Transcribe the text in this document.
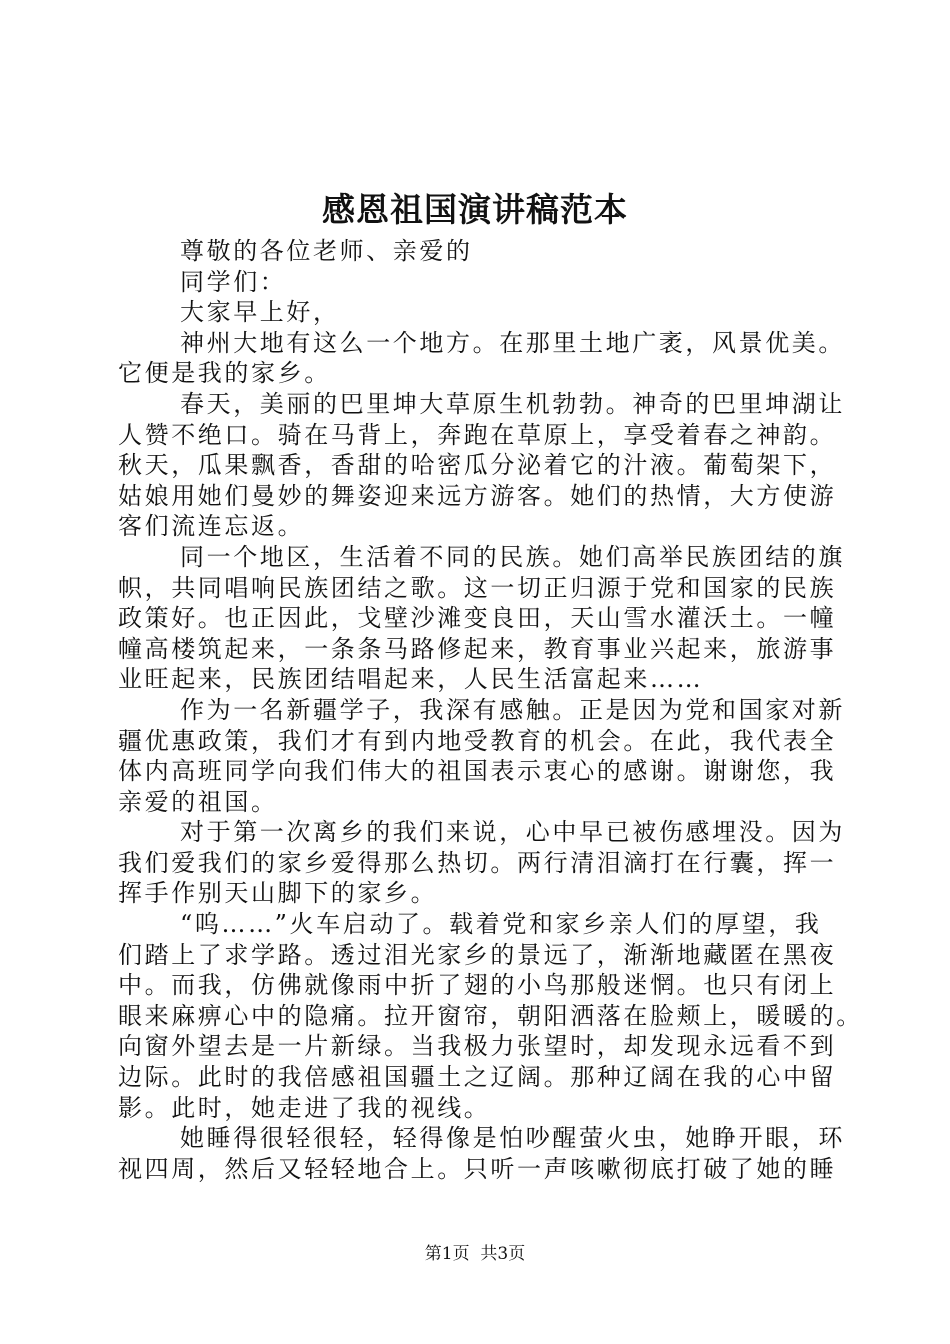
感恩祖国演讲稿范本
尊敬的各位老师、亲爱的
同学们：
大家早上好，
神州大地有这么一个地方。在那里土地广袤，风景优美。
它便是我的家乡。
春天，美丽的巴里坤大草原生机勃勃。神奇的巴里坤湖让
人赞不绝口。骑在马背上，奔跑在草原上，享受着春之神韵。
秋天，瓜果飘香，香甜的哈密瓜分泌着它的汁液。葡萄架下，
姑娘用她们曼妙的舞姿迎来远方游客。她们的热情，大方使游
客们流连忘返。
同一个地区，生活着不同的民族。她们高举民族团结的旗
帜，共同唱响民族团结之歌。这一切正归源于党和国家的民族
政策好。也正因此，戈壁沙滩变良田，天山雪水灌沃土。一幢
幢高楼筑起来，一条条马路修起来，教育事业兴起来，旅游事
业旺起来，民族团结唱起来，人民生活富起来……
作为一名新疆学子，我深有感触。正是因为党和国家对新
疆优惠政策，我们才有到内地受教育的机会。在此，我代表全
体内高班同学向我们伟大的祖国表示衷心的感谢。谢谢您，我
亲爱的祖国。
对于第一次离乡的我们来说，心中早已被伤感埋没。因为
我们爱我们的家乡爱得那么热切。两行清泪滴打在行囊，挥一
挥手作别天山脚下的家乡。
“呜……”火车启动了。载着党和家乡亲人们的厚望，我
们踏上了求学路。透过泪光家乡的景远了，渐渐地藏匿在黑夜
中。而我，仿佛就像雨中折了翅的小鸟那般迷惘。也只有闭上
眼来麻痹心中的隐痛。拉开窗帘，朝阳洒落在脸颊上，暖暖的。
向窗外望去是一片新绿。当我极力张望时，却发现永远看不到
边际。此时的我倍感祖国疆土之辽阔。那种辽阔在我的心中留
影。此时，她走进了我的视线。
她睡得很轻很轻，轻得像是怕吵醒萤火虫，她睁开眼，环
视四周，然后又轻轻地合上。只听一声咳嗽彻底打破了她的睡
第1页  共3页
